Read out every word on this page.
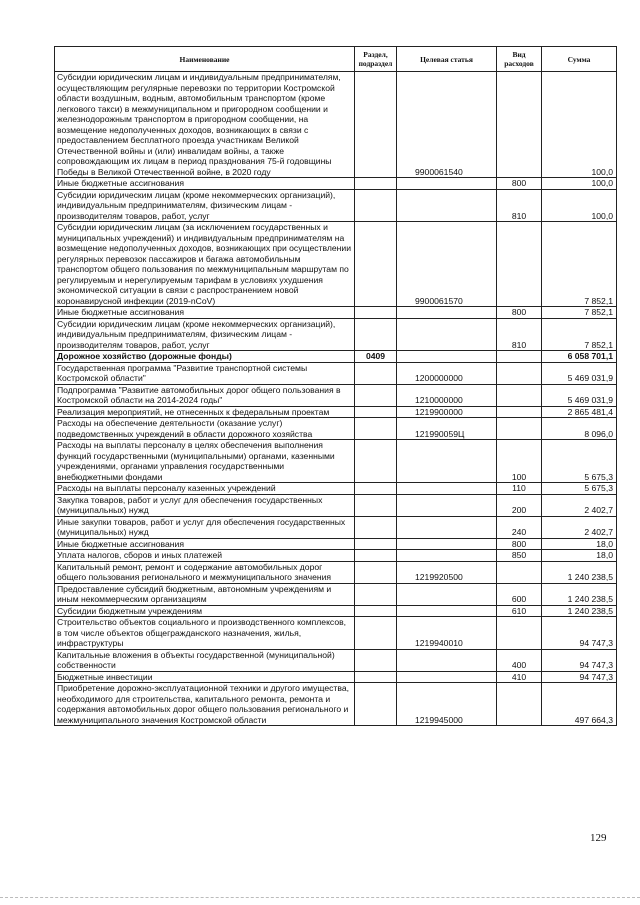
Наименование	Раздел, подраздел	Целевая статья	Вид расходов	Сумма
Субсидии юридическим лицам и индивидуальным предпринимателям, осуществляющим регулярные перевозки по территории Костромской области воздушным, водным, автомобильным транспортом (кроме легкового такси) в межмуниципальном и пригородном сообщении и железнодорожным транспортом в пригородном сообщении, на возмещение недополученных доходов, возникающих в связи с предоставлением бесплатного проезда участникам Великой Отечественной войны и (или) инвалидам войны, а также сопровождающим их лицам в период празднования 75-й годовщины Победы в Великой Отечественной войне, в 2020 году		9900061540		100,0
Иные бюджетные ассигнования			800	100,0
Субсидии юридическим лицам (кроме некоммерческих организаций), индивидуальным предпринимателям, физическим лицам - производителям товаров, работ, услуг			810	100,0
Субсидии юридическим лицам (за исключением государственных и муниципальных учреждений) и индивидуальным предпринимателям на возмещение недополученных доходов, возникающих при осуществлении регулярных перевозок пассажиров и багажа автомобильным транспортом общего пользования по межмуниципальным маршрутам по регулируемым и нерегулируемым тарифам в условиях ухудшения экономической ситуации в связи с распространением новой коронавирусной инфекции (2019-nCoV)		9900061570		7 852,1
Иные бюджетные ассигнования			800	7 852,1
Субсидии юридическим лицам (кроме некоммерческих организаций), индивидуальным предпринимателям, физическим лицам - производителям товаров, работ, услуг			810	7 852,1
Дорожное хозяйство (дорожные фонды)	0409			6 058 701,1
Государственная программа "Развитие транспортной системы Костромской области"		1200000000		5 469 031,9
Подпрограмма "Развитие автомобильных дорог общего пользования в Костромской области на 2014-2024 годы"		1210000000		5 469 031,9
Реализация мероприятий, не отнесенных к федеральным проектам		1219900000		2 865 481,4
Расходы на обеспечение деятельности (оказание услуг) подведомственных учреждений в области дорожного хозяйства		121990059Ц		8 096,0
Расходы на выплаты персоналу в целях обеспечения выполнения функций государственными (муниципальными) органами, казенными учреждениями, органами управления государственными внебюджетными фондами			100	5 675,3
Расходы на выплаты персоналу казенных учреждений			110	5 675,3
Закупка товаров, работ и услуг для обеспечения государственных (муниципальных) нужд			200	2 402,7
Иные закупки товаров, работ и услуг для обеспечения государственных (муниципальных) нужд			240	2 402,7
Иные бюджетные ассигнования			800	18,0
Уплата налогов, сборов и иных платежей			850	18,0
Капитальный ремонт, ремонт и содержание автомобильных дорог общего пользования регионального и межмуниципального значения		1219920500		1 240 238,5
Предоставление субсидий бюджетным, автономным учреждениям и иным некоммерческим организациям			600	1 240 238,5
Субсидии бюджетным учреждениям			610	1 240 238,5
Строительство объектов социального и производственного комплексов, в том числе объектов общегражданского назначения, жилья, инфраструктуры		1219940010		94 747,3
Капитальные вложения в объекты государственной (муниципальной) собственности			400	94 747,3
Бюджетные инвестиции			410	94 747,3
Приобретение дорожно-эксплуатационной техники и другого имущества, необходимого для строительства, капитального ремонта, ремонта и содержания автомобильных дорог общего пользования регионального и межмуниципального значения Костромской области		1219945000		497 664,3
129
